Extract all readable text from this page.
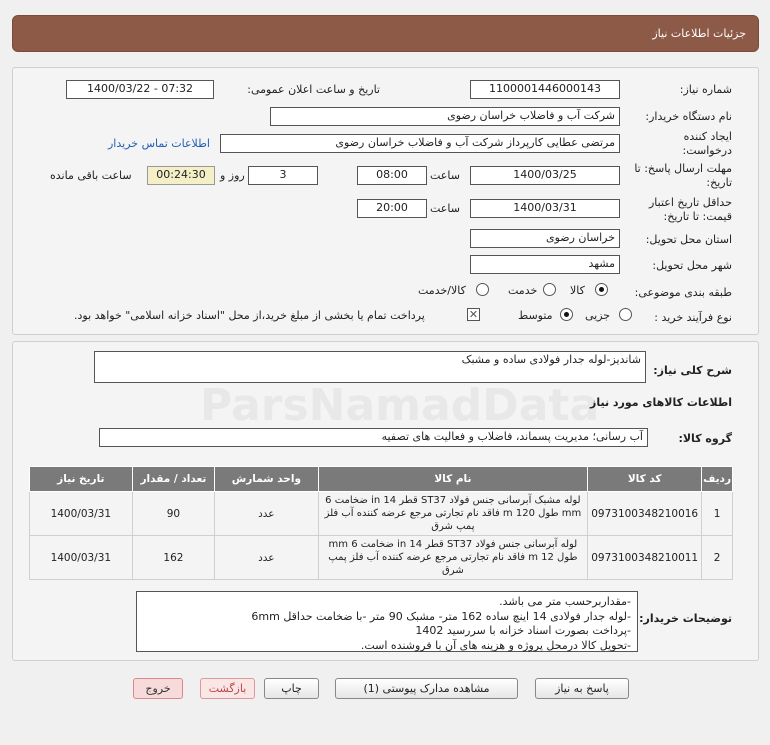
جزئیات اطلاعات نیاز
شماره نیاز:
1100001446000143
تاریخ و ساعت اعلان عمومی:
1400/03/22 - 07:32
نام دستگاه خریدار:
شرکت آب و فاضلاب خراسان رضوی
ایجاد کننده درخواست:
مرتضی عطایی کارپرداز شرکت آب و فاضلاب خراسان رضوی
اطلاعات تماس خریدار
مهلت ارسال پاسخ: تا تاریخ:
1400/03/25
ساعت
08:00
3
روز و
00:24:30
ساعت باقی مانده
حداقل تاریخ اعتبار قیمت: تا تاریخ:
1400/03/31
ساعت
20:00
استان محل تحویل:
خراسان رضوی
شهر محل تحویل:
مشهد
طبقه بندی موضوعی:
کالا
خدمت
کالا/خدمت
نوع فرآیند خرید :
جزیی
متوسط
✕
پرداخت تمام یا بخشی از مبلغ خرید،از محل "اسناد خزانه اسلامی" خواهد بود.
شرح کلی نیاز:
شاندیز-لوله جدار فولادی ساده و مشبک
اطلاعات کالاهای مورد نیاز
گروه کالا:
آب رسانی؛ مدیریت پسماند، فاضلاب و فعالیت های تصفیه
ردیف	کد کالا	نام کالا	واحد شمارش	تعداد / مقدار	تاریخ نیاز
1	0973100348210016	لوله مشبک آبرسانی جنس فولاد ST37 قطر 14 in ضخامت 6 mm طول 120 m فاقد نام تجارتی مرجع عرضه کننده آب فلز پمپ شرق	عدد	90	1400/03/31
2	0973100348210011	لوله آبرسانی جنس فولاد ST37 قطر 14 in ضخامت 6 mm طول 12 m فاقد نام تجارتی مرجع عرضه کننده آب فلز پمپ شرق	عدد	162	1400/03/31
توضیحات خریدار:
-مقداربرحسب متر می باشد.
-لوله جدار فولادی 14 اینچ ساده 162 متر- مشبک 90 متر -با ضخامت حداقل 6mm
-پرداخت بصورت اسناد خزانه با سررسید 1402
-تحویل کالا درمحل پروژه و هزینه های آن با فروشنده است.
پاسخ به نیاز
مشاهده مدارک پیوستی (1)
چاپ
بازگشت
خروج
